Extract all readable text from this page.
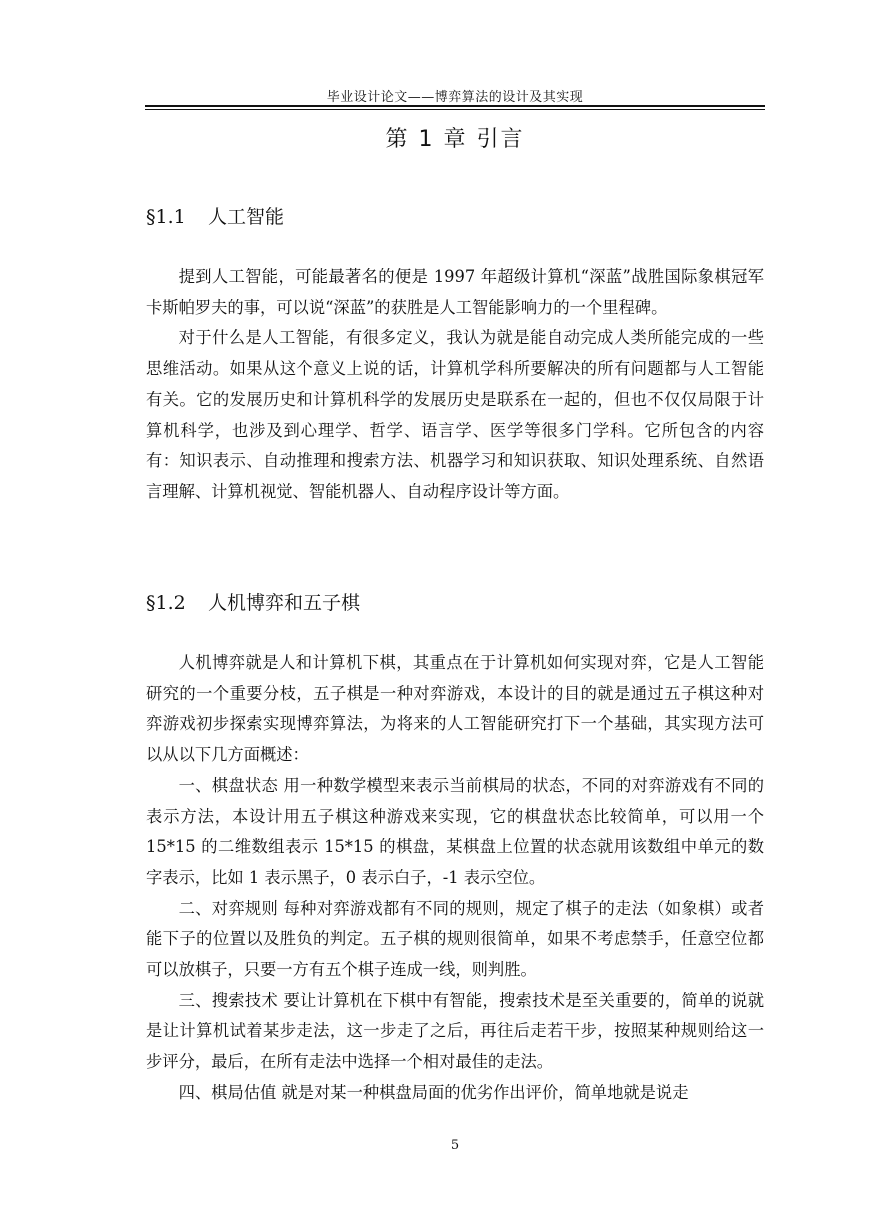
毕业设计论文——博弈算法的设计及其实现
第 1 章 引言
§1.1 人工智能

提到人工智能，可能最著名的便是 1997 年超级计算机“深蓝”战胜国际象棋冠军卡斯帕罗夫的事，可以说“深蓝”的获胜是人工智能影响力的一个里程碑。

对于什么是人工智能，有很多定义，我认为就是能自动完成人类所能完成的一些思维活动。如果从这个意义上说的话，计算机学科所要解决的所有问题都与人工智能有关。它的发展历史和计算机科学的发展历史是联系在一起的，但也不仅仅局限于计算机科学，也涉及到心理学、哲学、语言学、医学等很多门学科。它所包含的内容有：知识表示、自动推理和搜索方法、机器学习和知识获取、知识处理系统、自然语言理解、计算机视觉、智能机器人、自动程序设计等方面。

§1.2 人机博弈和五子棋

人机博弈就是人和计算机下棋，其重点在于计算机如何实现对弈，它是人工智能研究的一个重要分枝，五子棋是一种对弈游戏，本设计的目的就是通过五子棋这种对弈游戏初步探索实现博弈算法，为将来的人工智能研究打下一个基础，其实现方法可以从以下几方面概述：

一、棋盘状态 用一种数学模型来表示当前棋局的状态，不同的对弈游戏有不同的表示方法，本设计用五子棋这种游戏来实现，它的棋盘状态比较简单，可以用一个 15*15 的二维数组表示 15*15 的棋盘，某棋盘上位置的状态就用该数组中单元的数字表示，比如 1 表示黑子，0 表示白子，-1 表示空位。

二、对弈规则 每种对弈游戏都有不同的规则，规定了棋子的走法（如象棋）或者能下子的位置以及胜负的判定。五子棋的规则很简单，如果不考虑禁手，任意空位都可以放棋子，只要一方有五个棋子连成一线，则判胜。

三、搜索技术 要让计算机在下棋中有智能，搜索技术是至关重要的，简单的说就是让计算机试着某步走法，这一步走了之后，再往后走若干步，按照某种规则给这一步评分，最后，在所有走法中选择一个相对最佳的走法。

四、棋局估值 就是对某一种棋盘局面的优劣作出评价，简单地就是说走

5
